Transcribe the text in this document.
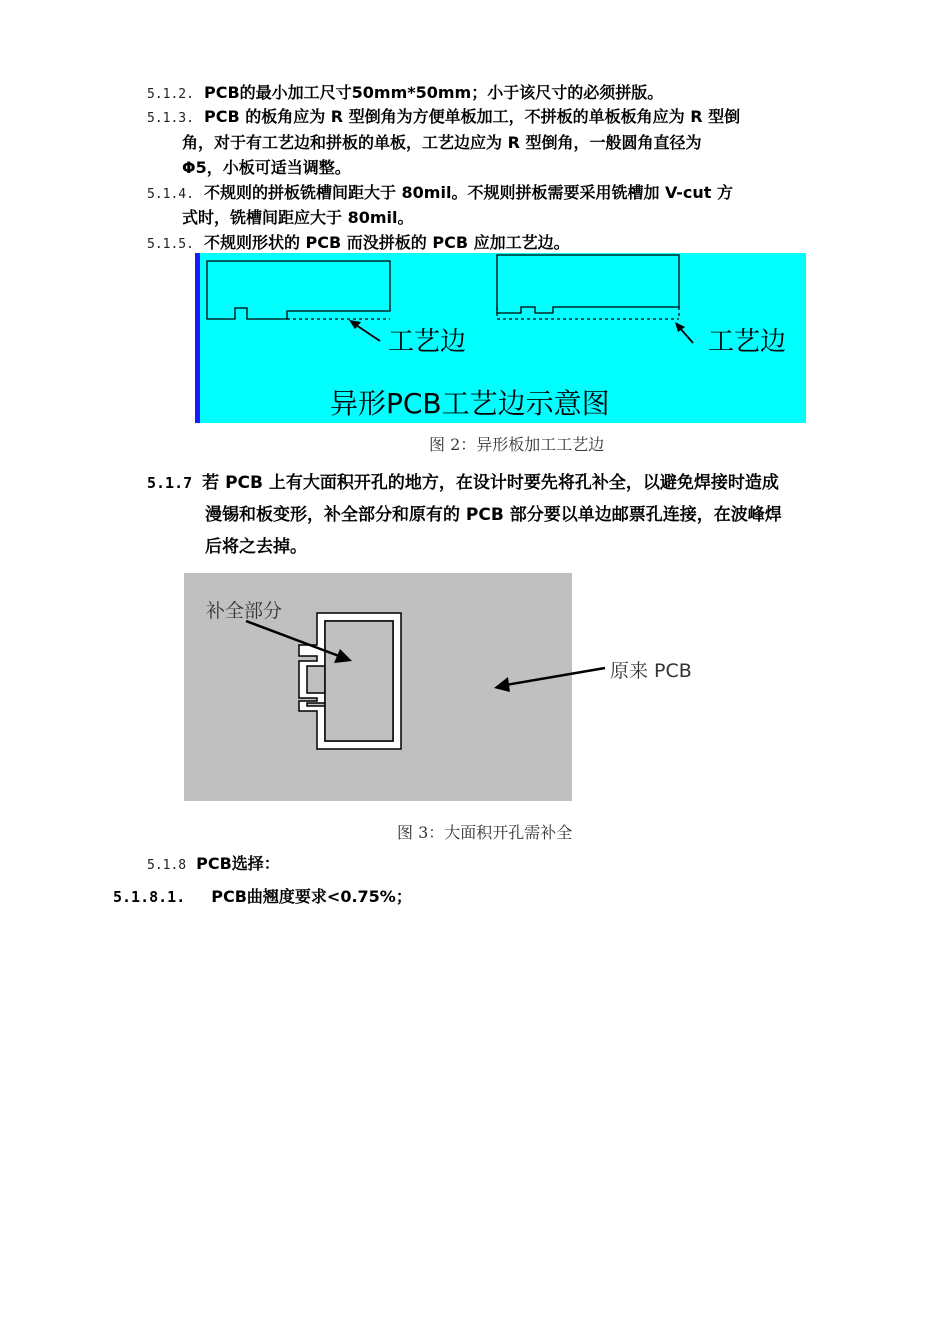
5.1.2. PCB的最小加工尺寸50mm*50mm；小于该尺寸的必须拼版。
5.1.3. PCB 的板角应为 R 型倒角为方便单板加工，不拼板的单板板角应为 R 型倒
角，对于有工艺边和拼板的单板，工艺边应为 R 型倒角，一般圆角直径为
Φ5，小板可适当调整。
5.1.4. 不规则的拼板铣槽间距大于 80mil。不规则拼板需要采用铣槽加 V-cut 方
式时，铣槽间距应大于 80mil。
5.1.5. 不规则形状的 PCB 而没拼板的 PCB 应加工艺边。
工艺边	工艺边
异形PCB工艺边示意图
图 2：异形板加工工艺边
5.1.7 若 PCB 上有大面积开孔的地方，在设计时要先将孔补全，以避免焊接时造成
漫锡和板变形，补全部分和原有的 PCB 部分要以单边邮票孔连接，在波峰焊
后将之去掉。
补全部分
原来 PCB
图 3：大面积开孔需补全
5.1.8 PCB选择：
5.1.8.1. PCB曲翘度要求<0.75%；
